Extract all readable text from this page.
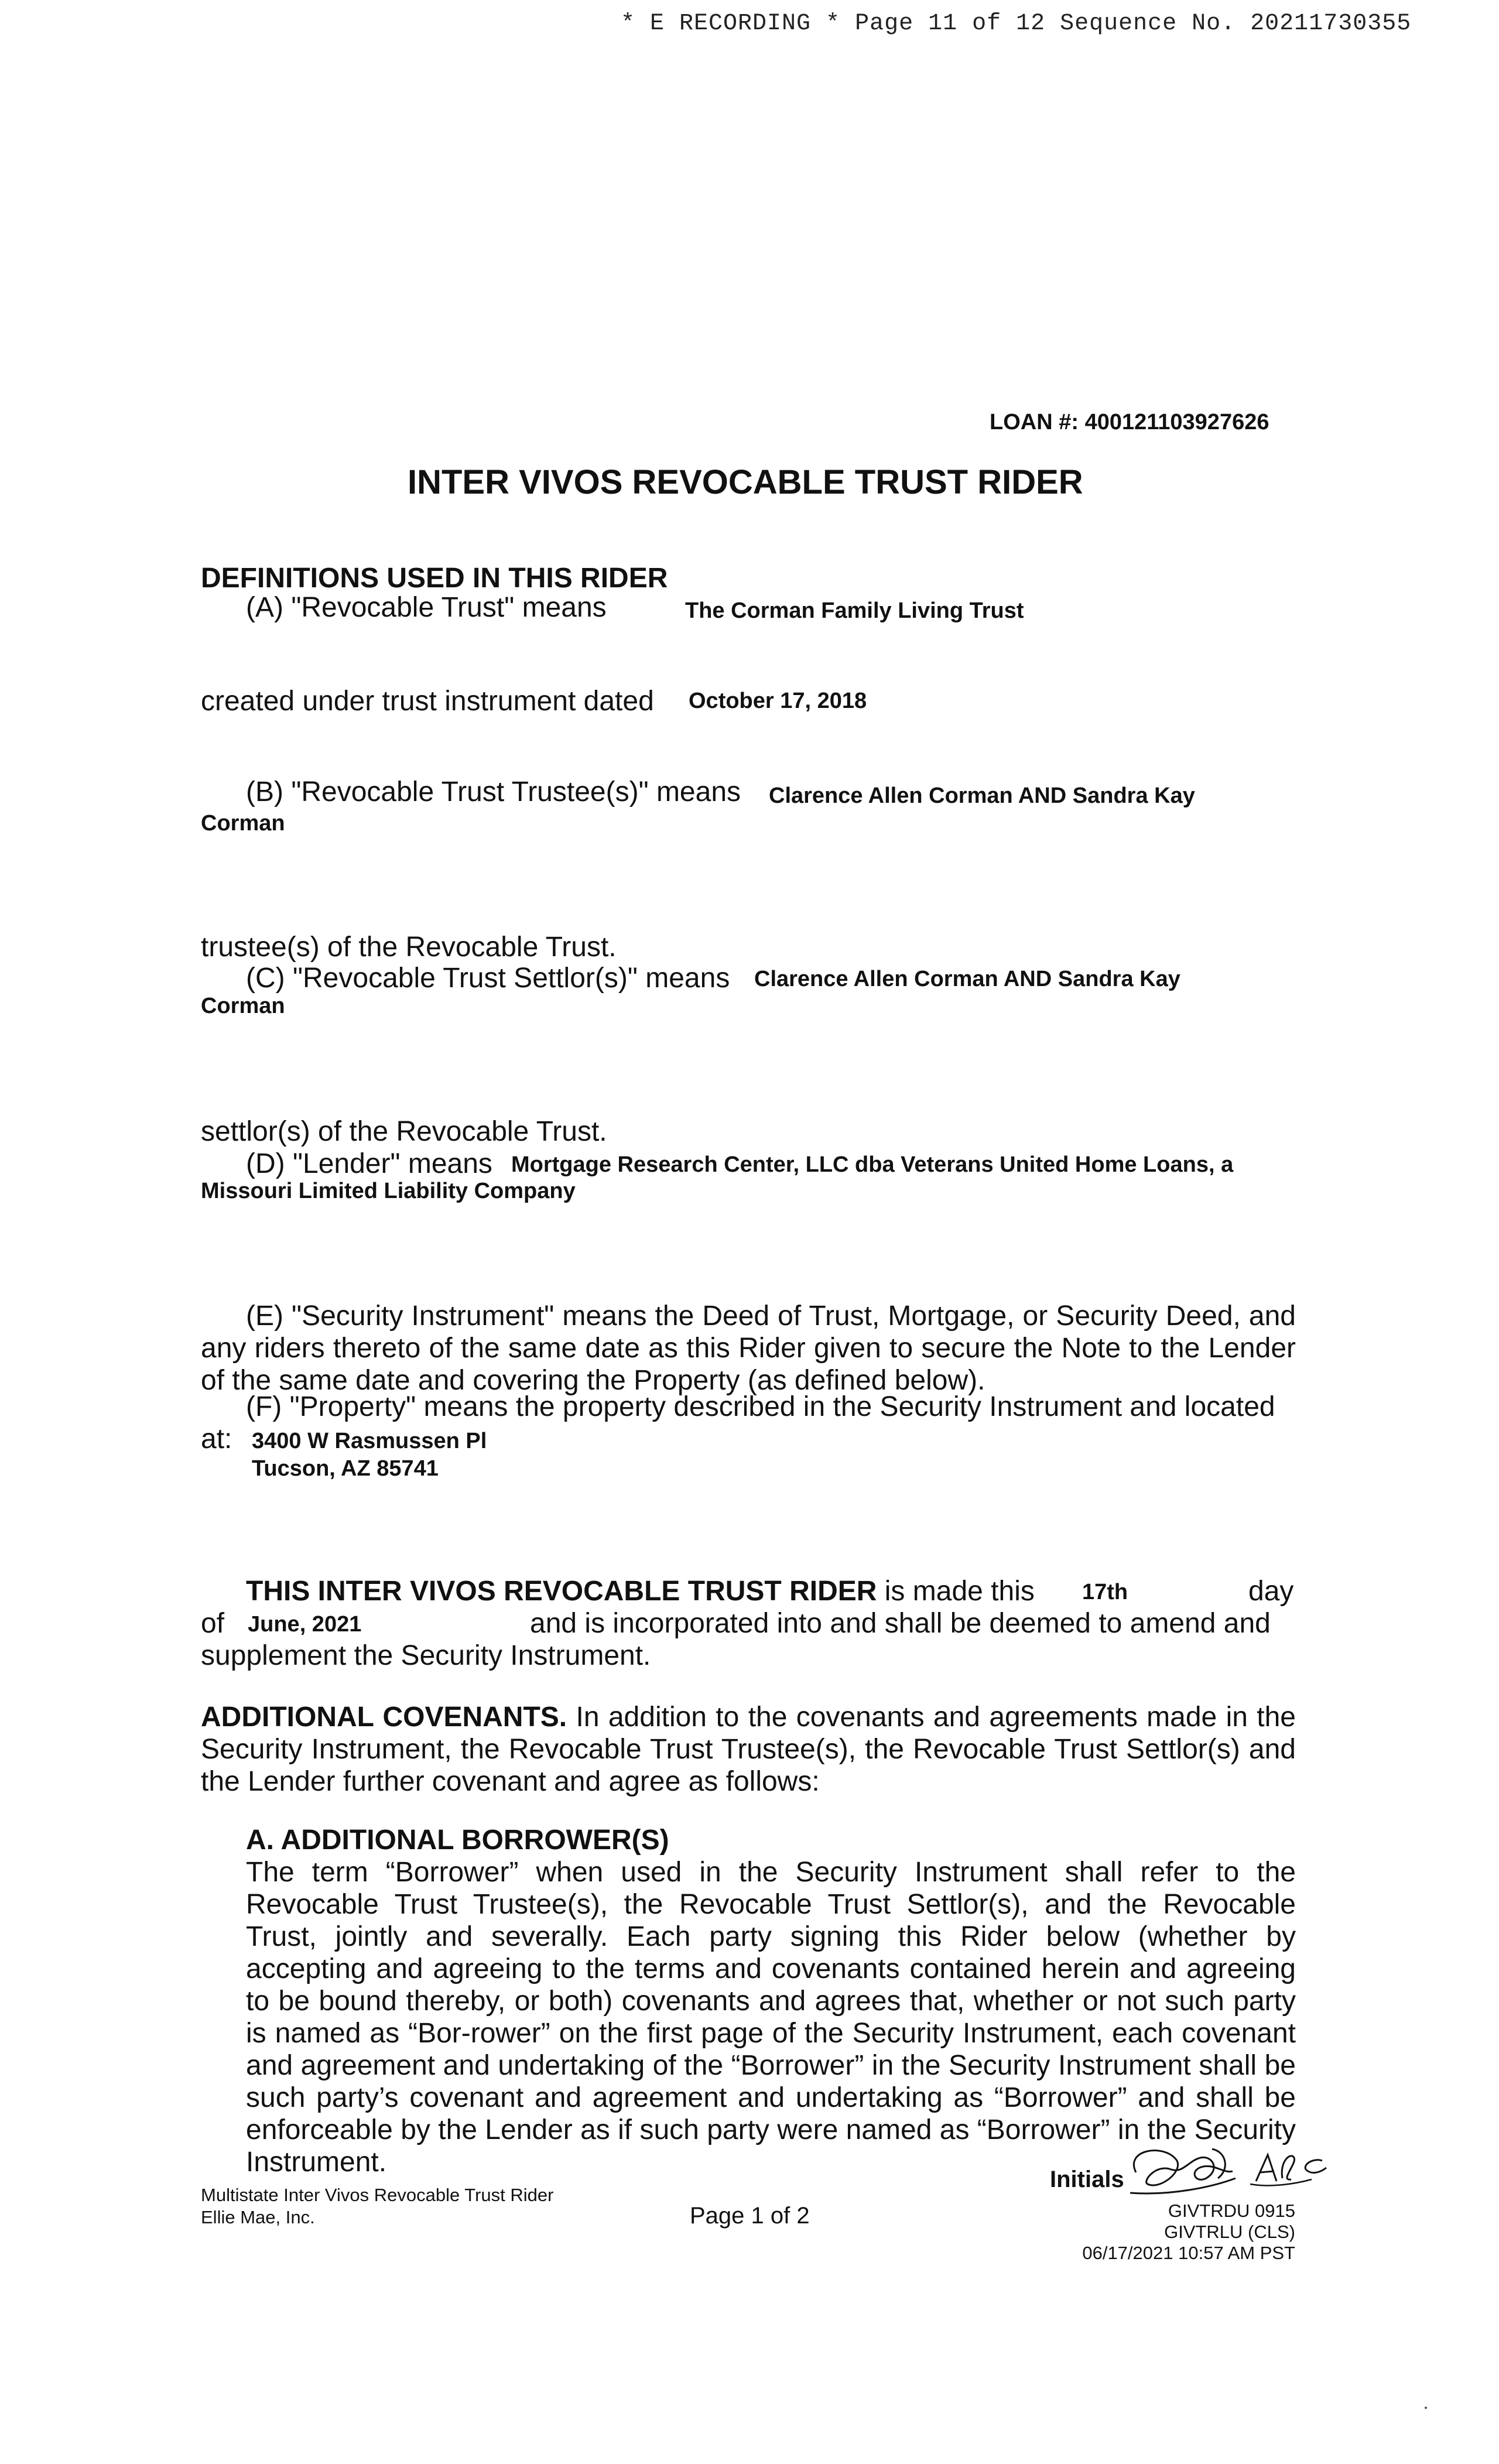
* E RECORDING * Page 11 of 12 Sequence No. 20211730355
LOAN #: 400121103927626
INTER VIVOS REVOCABLE TRUST RIDER
DEFINITIONS USED IN THIS RIDER
(A) "Revocable Trust" means	The Corman Family Living Trust
created under trust instrument dated October 17, 2018
(B) "Revocable Trust Trustee(s)" means Clarence Allen Corman AND Sandra Kay
Corman
trustee(s) of the Revocable Trust.
(C) "Revocable Trust Settlor(s)" means Clarence Allen Corman AND Sandra Kay
Corman
settlor(s) of the Revocable Trust.
(D) "Lender" means Mortgage Research Center, LLC dba Veterans United Home Loans, a
Missouri Limited Liability Company
(E) "Security Instrument" means the Deed of Trust, Mortgage, or Security Deed, and any riders thereto of the same date as this Rider given to secure the Note to the Lender of the same date and covering the Property (as defined below).
(F) "Property" means the property described in the Security Instrument and located
at: 3400 W Rasmussen Pl
Tucson, AZ 85741
THIS INTER VIVOS REVOCABLE TRUST RIDER is made this 17th	day
of June, 2021	and is incorporated into and shall be deemed to amend and
supplement the Security Instrument.
ADDITIONAL COVENANTS. In addition to the covenants and agreements made in the Security Instrument, the Revocable Trust Trustee(s), the Revocable Trust Settlor(s) and the Lender further covenant and agree as follows:
A. ADDITIONAL BORROWER(S)
The term “Borrower” when used in the Security Instrument shall refer to the Revocable Trust Trustee(s), the Revocable Trust Settlor(s), and the Revocable Trust, jointly and severally. Each party signing this Rider below (whether by accepting and agreeing to the terms and covenants contained herein and agreeing to be bound thereby, or both) covenants and agrees that, whether or not such party is named as “Bor-rower” on the first page of the Security Instrument, each covenant and agreement and undertaking of the “Borrower” in the Security Instrument shall be such party’s covenant and agreement and undertaking as “Borrower” and shall be enforceable by the Lender as if such party were named as “Borrower” in the Security Instrument.
Multistate Inter Vivos Revocable Trust Rider
Ellie Mae, Inc.	Page 1 of 2
Initials
GIVTRDU 0915
GIVTRLU (CLS)
06/17/2021 10:57 AM PST
